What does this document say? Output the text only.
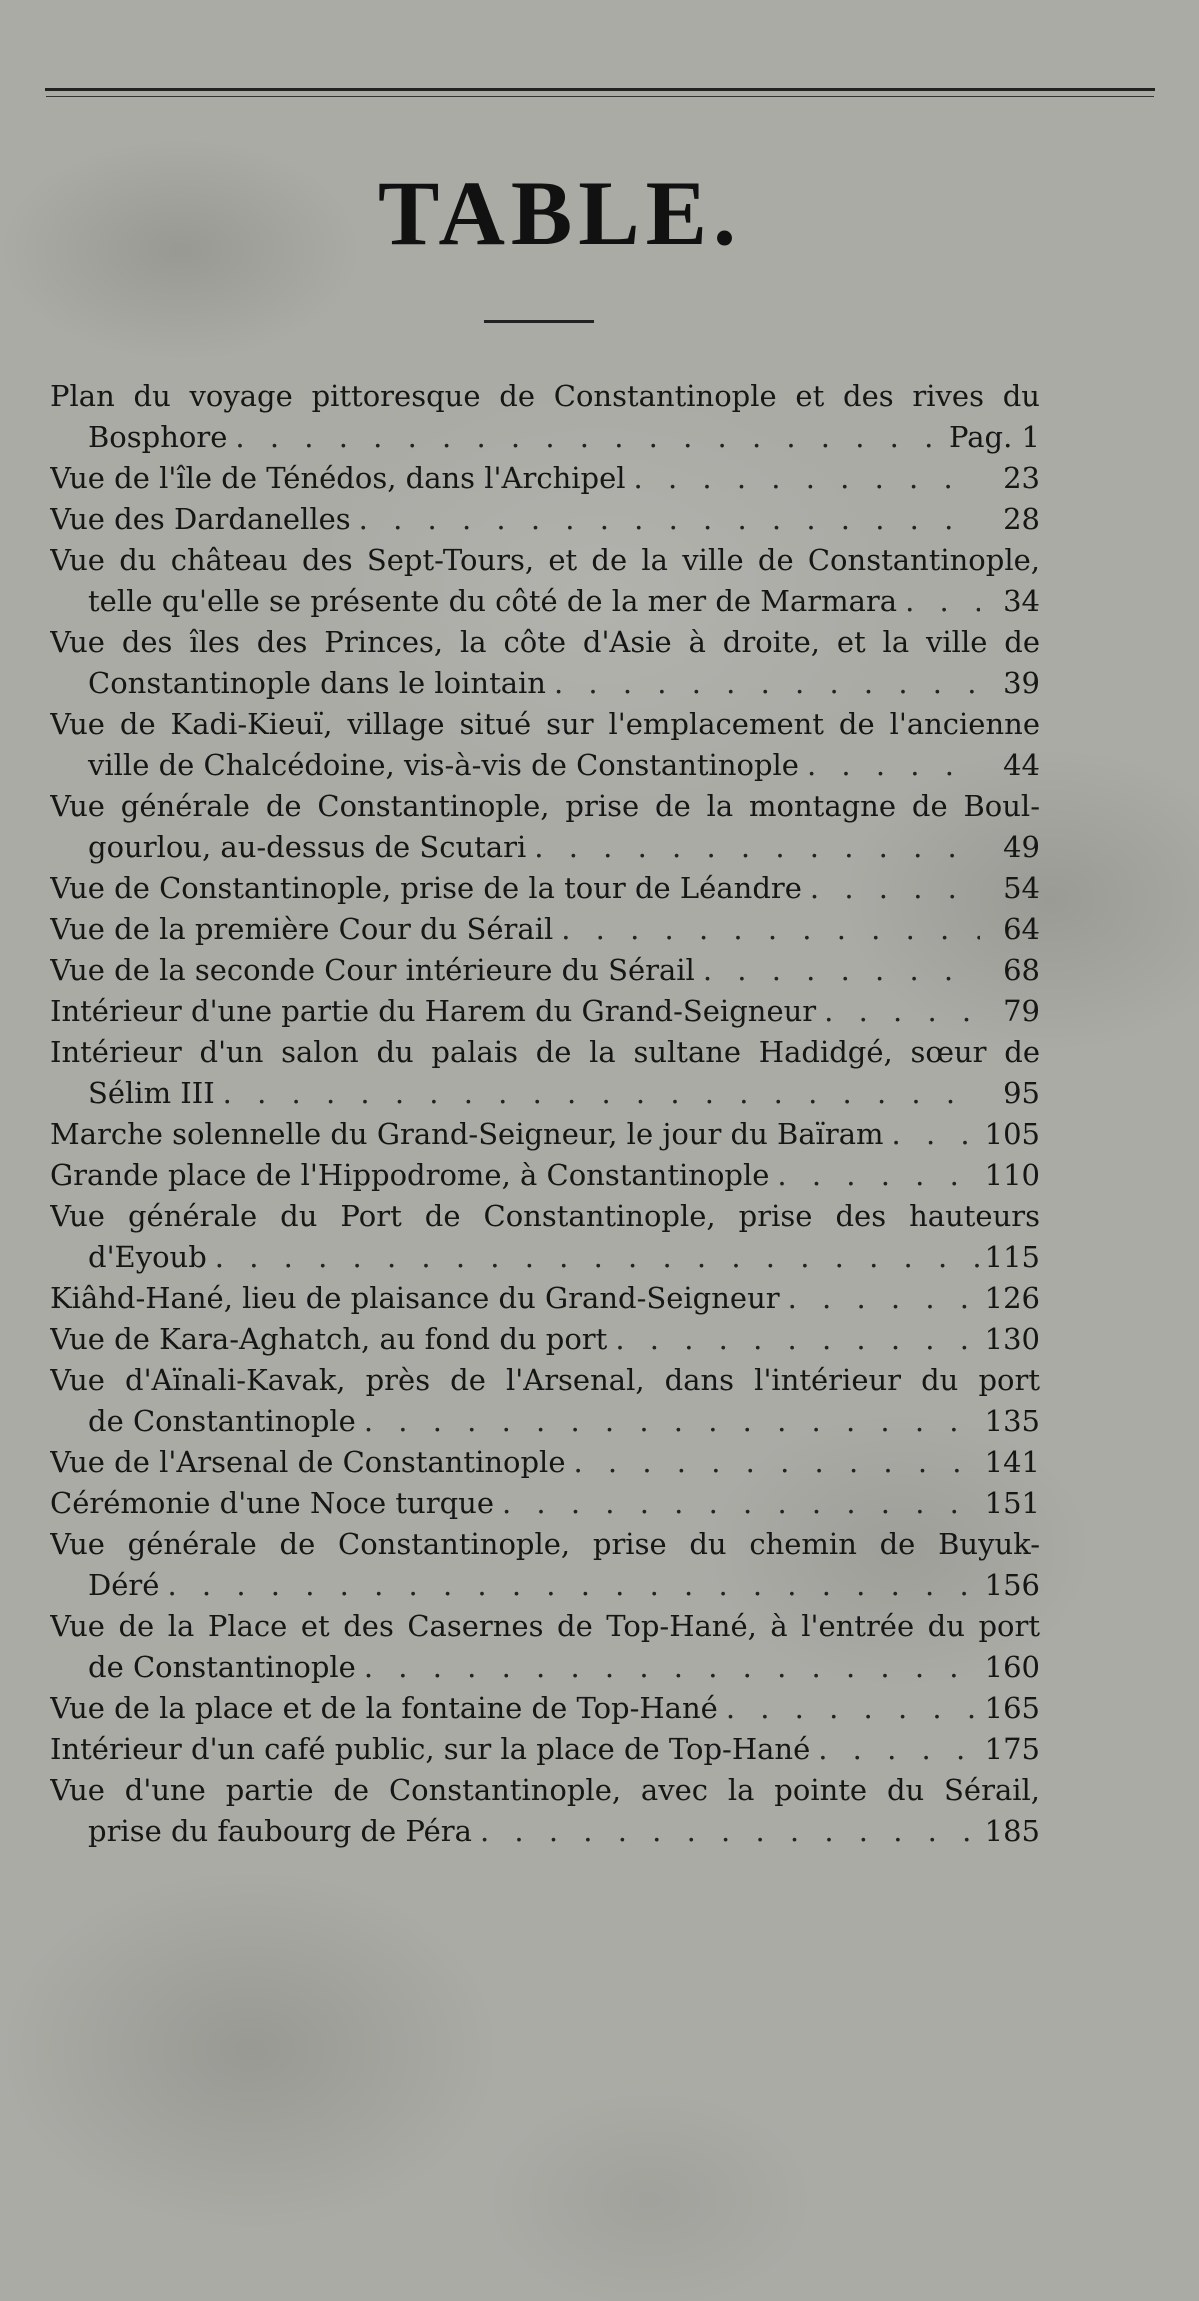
TABLE.
Plan du voyage pittoresque de Constantinople et des rives du
Bosphore . . .	Pag. 1
Vue de l'île de Ténédos, dans l'Archipel . . .	23
Vue des Dardanelles . . .	28
Vue du château des Sept-Tours, et de la ville de Constantinople,
telle qu'elle se présente du côté de la mer de Marmara . . .	34
Vue des îles des Princes, la côte d'Asie à droite, et la ville de
Constantinople dans le lointain . . .	39
Vue de Kadi-Kieuï, village situé sur l'emplacement de l'ancienne
ville de Chalcédoine, vis-à-vis de Constantinople . . .	44
Vue générale de Constantinople, prise de la montagne de Boul-
gourlou, au-dessus de Scutari . . .	49
Vue de Constantinople, prise de la tour de Léandre . . .	54
Vue de la première Cour du Sérail . . .	64
Vue de la seconde Cour intérieure du Sérail . . .	68
Intérieur d'une partie du Harem du Grand-Seigneur . . .	79
Intérieur d'un salon du palais de la sultane Hadidgé, sœur de
Sélim III . . .	95
Marche solennelle du Grand-Seigneur, le jour du Baïram . . .	105
Grande place de l'Hippodrome, à Constantinople . . .	110
Vue générale du Port de Constantinople, prise des hauteurs
d'Eyoub . . .	115
Kiâhd-Hané, lieu de plaisance du Grand-Seigneur . . .	126
Vue de Kara-Aghatch, au fond du port . . .	130
Vue d'Aïnali-Kavak, près de l'Arsenal, dans l'intérieur du port
de Constantinople . . .	135
Vue de l'Arsenal de Constantinople . . .	141
Cérémonie d'une Noce turque . . .	151
Vue générale de Constantinople, prise du chemin de Buyuk-
Déré . . .	156
Vue de la Place et des Casernes de Top-Hané, à l'entrée du port
de Constantinople . . .	160
Vue de la place et de la fontaine de Top-Hané . . .	165
Intérieur d'un café public, sur la place de Top-Hané . . .	175
Vue d'une partie de Constantinople, avec la pointe du Sérail,
prise du faubourg de Péra . . .	185
